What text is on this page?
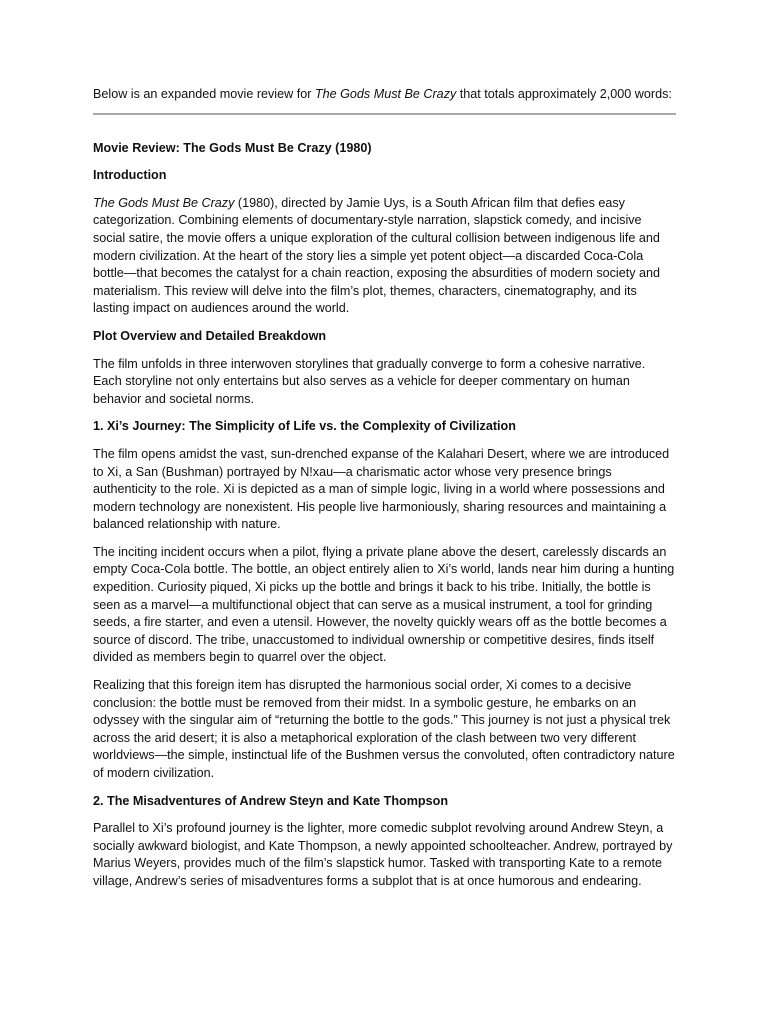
Below is an expanded movie review for The Gods Must Be Crazy that totals approximately 2,000 words:

Movie Review: The Gods Must Be Crazy (1980)
Introduction

The Gods Must Be Crazy (1980), directed by Jamie Uys, is a South African film that defies easy categorization. Combining elements of documentary-style narration, slapstick comedy, and incisive social satire, the movie offers a unique exploration of the cultural collision between indigenous life and modern civilization. At the heart of the story lies a simple yet potent object—a discarded Coca-Cola bottle—that becomes the catalyst for a chain reaction, exposing the absurdities of modern society and materialism. This review will delve into the film’s plot, themes, characters, cinematography, and its lasting impact on audiences around the world.

Plot Overview and Detailed Breakdown

The film unfolds in three interwoven storylines that gradually converge to form a cohesive narrative. Each storyline not only entertains but also serves as a vehicle for deeper commentary on human behavior and societal norms.

1. Xi’s Journey: The Simplicity of Life vs. the Complexity of Civilization

The film opens amidst the vast, sun-drenched expanse of the Kalahari Desert, where we are introduced to Xi, a San (Bushman) portrayed by N!xau—a charismatic actor whose very presence brings authenticity to the role. Xi is depicted as a man of simple logic, living in a world where possessions and modern technology are nonexistent. His people live harmoniously, sharing resources and maintaining a balanced relationship with nature.

The inciting incident occurs when a pilot, flying a private plane above the desert, carelessly discards an empty Coca-Cola bottle. The bottle, an object entirely alien to Xi’s world, lands near him during a hunting expedition. Curiosity piqued, Xi picks up the bottle and brings it back to his tribe. Initially, the bottle is seen as a marvel—a multifunctional object that can serve as a musical instrument, a tool for grinding seeds, a fire starter, and even a utensil. However, the novelty quickly wears off as the bottle becomes a source of discord. The tribe, unaccustomed to individual ownership or competitive desires, finds itself divided as members begin to quarrel over the object.

Realizing that this foreign item has disrupted the harmonious social order, Xi comes to a decisive conclusion: the bottle must be removed from their midst. In a symbolic gesture, he embarks on an odyssey with the singular aim of “returning the bottle to the gods.” This journey is not just a physical trek across the arid desert; it is also a metaphorical exploration of the clash between two very different worldviews—the simple, instinctual life of the Bushmen versus the convoluted, often contradictory nature of modern civilization.

2. The Misadventures of Andrew Steyn and Kate Thompson

Parallel to Xi’s profound journey is the lighter, more comedic subplot revolving around Andrew Steyn, a socially awkward biologist, and Kate Thompson, a newly appointed schoolteacher. Andrew, portrayed by Marius Weyers, provides much of the film’s slapstick humor. Tasked with transporting Kate to a remote village, Andrew’s series of misadventures forms a subplot that is at once humorous and endearing.
